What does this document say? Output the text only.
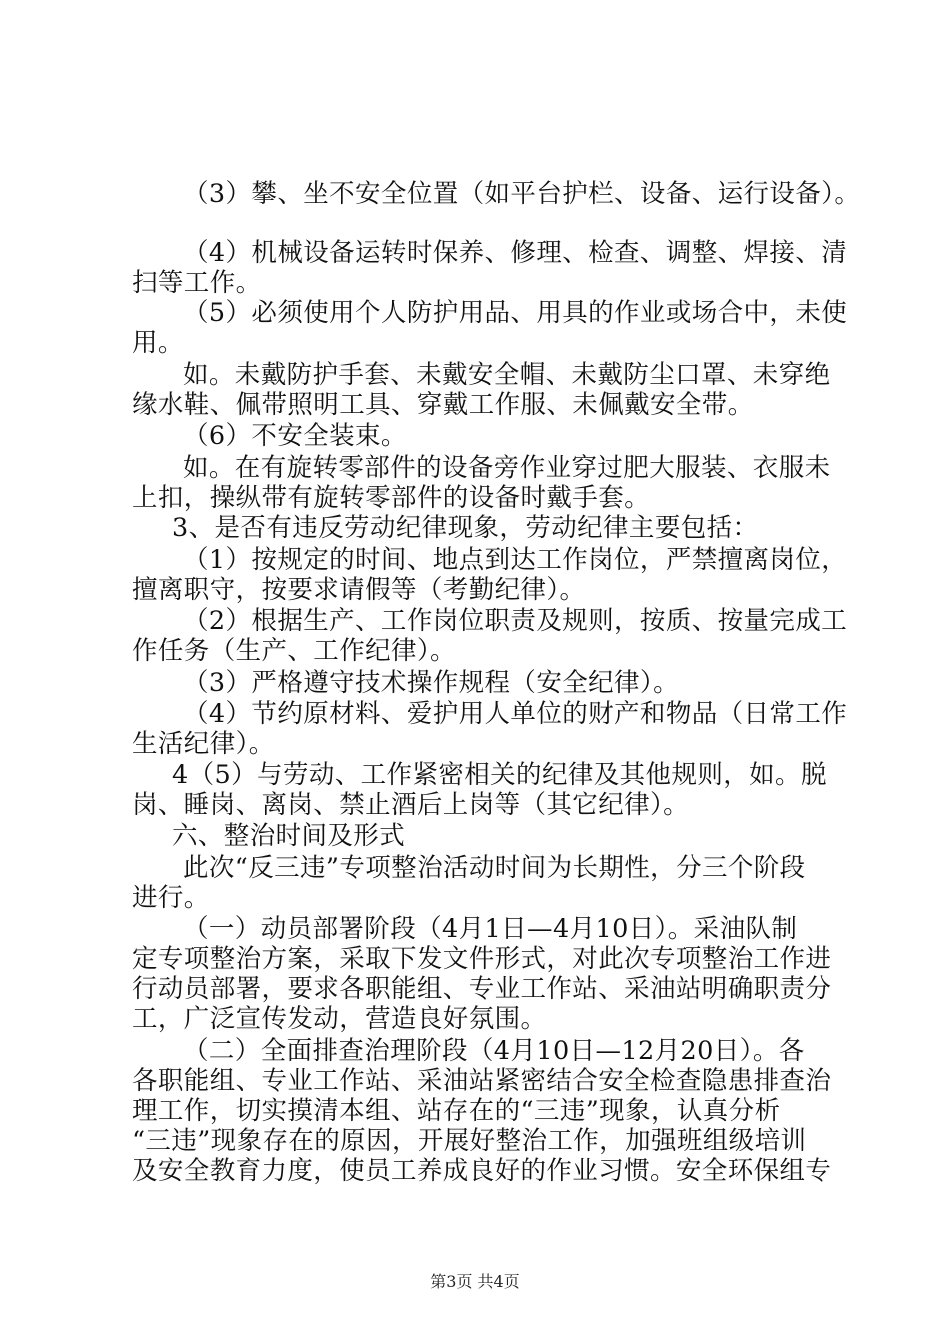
（3）攀、坐不安全位置（如平台护栏、设备、运行设备）。
（4）机械设备运转时保养、修理、检查、调整、焊接、清
扫等工作。
（5）必须使用个人防护用品、用具的作业或场合中，未使
用。
如。未戴防护手套、未戴安全帽、未戴防尘口罩、未穿绝
缘水鞋、佩带照明工具、穿戴工作服、未佩戴安全带。
（6）不安全装束。
如。在有旋转零部件的设备旁作业穿过肥大服装、衣服未
上扣，操纵带有旋转零部件的设备时戴手套。
3、是否有违反劳动纪律现象，劳动纪律主要包括：
（1）按规定的时间、地点到达工作岗位，严禁擅离岗位，
擅离职守，按要求请假等（考勤纪律）。
（2）根据生产、工作岗位职责及规则，按质、按量完成工
作任务（生产、工作纪律）。
（3）严格遵守技术操作规程（安全纪律）。
（4）节约原材料、爱护用人单位的财产和物品（日常工作
生活纪律）。
4（5）与劳动、工作紧密相关的纪律及其他规则，如。脱
岗、睡岗、离岗、禁止酒后上岗等（其它纪律）。
六、整治时间及形式
此次“反三违”专项整治活动时间为长期性，分三个阶段
进行。
（一）动员部署阶段（4月1日—4月10日）。采油队制
定专项整治方案，采取下发文件形式，对此次专项整治工作进
行动员部署，要求各职能组、专业工作站、采油站明确职责分
工，广泛宣传发动，营造良好氛围。
（二）全面排查治理阶段（4月10日—12月20日）。各
各职能组、专业工作站、采油站紧密结合安全检查隐患排查治
理工作，切实摸清本组、站存在的“三违”现象，认真分析
“三违”现象存在的原因，开展好整治工作，加强班组级培训
及安全教育力度，使员工养成良好的作业习惯。安全环保组专
第3页 共4页
